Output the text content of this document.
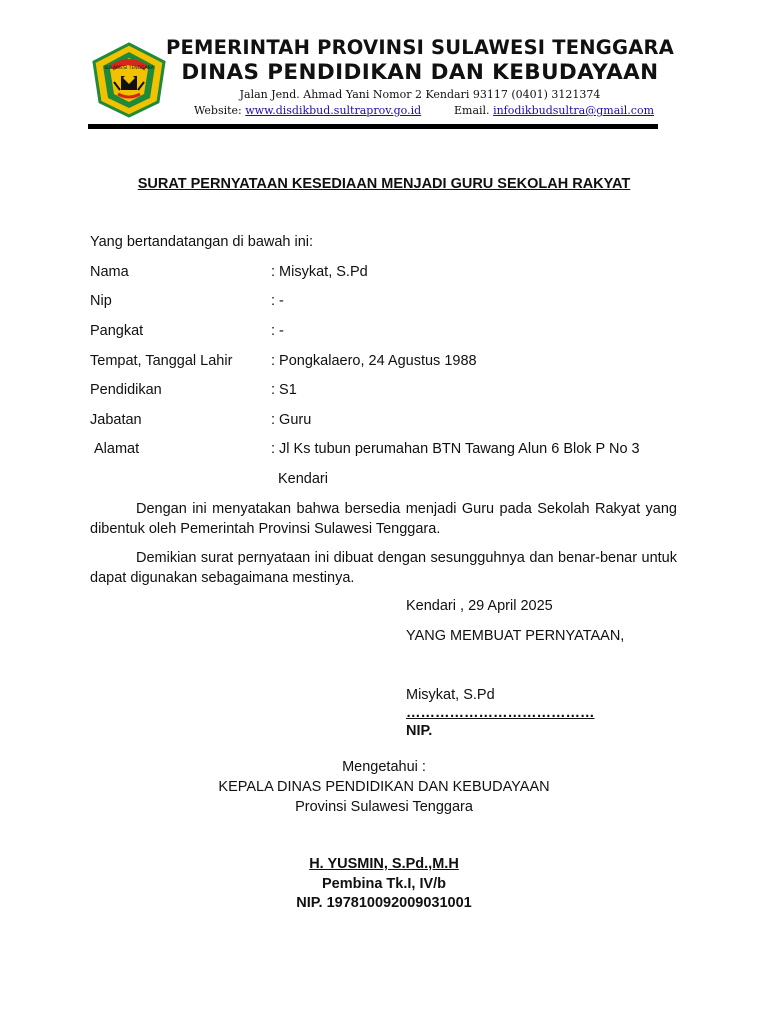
SULAWESI TENGGARA
PEMERINTAH PROVINSI SULAWESI TENGGARA
DINAS PENDIDIKAN DAN KEBUDAYAAN
Jalan Jend. Ahmad Yani Nomor 2 Kendari 93117 (0401) 3121374
Website: www.disdikbud.sultraprov.go.id	Email. infodikbudsultra@gmail.com
SURAT PERNYATAAN KESEDIAAN MENJADI GURU SEKOLAH RAKYAT
Yang bertandatangan di bawah ini:
Nama	: Misykat, S.Pd
Nip	: -
Pangkat	: -
Tempat, Tanggal Lahir	: Pongkalaero, 24 Agustus 1988
Pendidikan	: S1
Jabatan	: Guru
Alamat	: Jl Ks tubun perumahan BTN Tawang Alun 6 Blok P No 3
Kendari
Dengan ini menyatakan bahwa bersedia menjadi Guru pada Sekolah Rakyat yang dibentuk oleh Pemerintah Provinsi Sulawesi Tenggara.
Demikian surat pernyataan ini dibuat dengan sesungguhnya dan benar-benar untuk dapat digunakan sebagaimana mestinya.
Kendari , 29 April 2025
YANG MEMBUAT PERNYATAAN,
Misykat, S.Pd
…………………………………
NIP.
Mengetahui :
KEPALA DINAS PENDIDIKAN DAN KEBUDAYAAN
Provinsi Sulawesi Tenggara
H. YUSMIN, S.Pd.,M.H
Pembina Tk.I, IV/b
NIP. 197810092009031001
